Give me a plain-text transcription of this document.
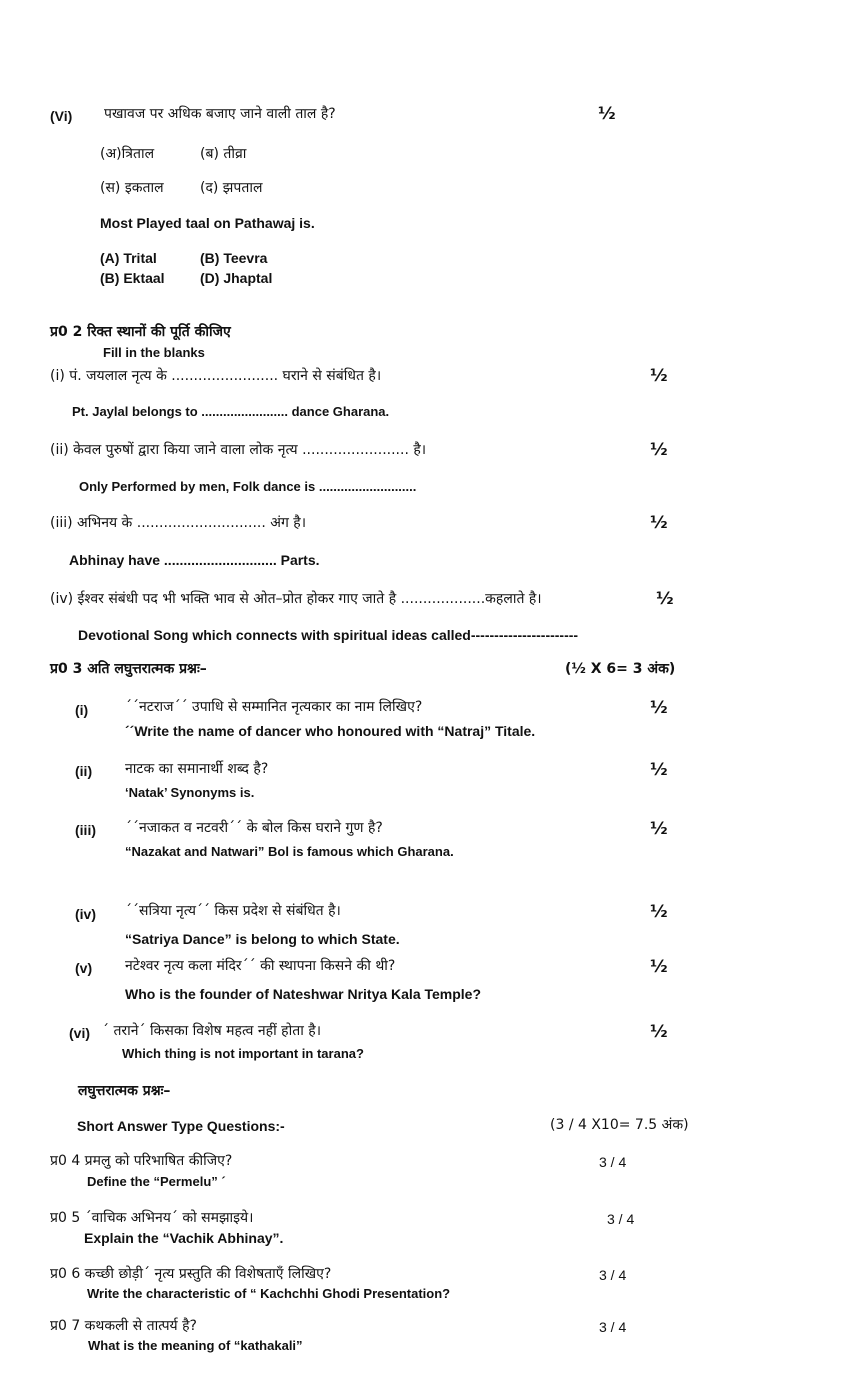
(Vi) पखावज पर अधिक बजाए जाने वाली ताल है?	½
(अ)त्रिताल	(ब) तीव्रा
(स) इकताल	(द) झपताल
Most Played taal on Pathawaj is.
(A) Trital	(B) Teevra
(B) Ektaal	(D) Jhaptal
प्र0 2 रिक्त स्थानों की पूर्ति कीजिए
Fill in the blanks
(i) पं. जयलाल नृत्य के ........................ घराने से संबंधित है।	½
Pt. Jaylal belongs to ........................ dance Gharana.
(ii) केवल पुरुषों द्वारा किया जाने वाला लोक नृत्य ........................ है।	½
Only Performed by men, Folk dance is ...........................
(iii) अभिनय के ............................. अंग है।	½
Abhinay have ............................. Parts.
(iv) ईश्वर संबंधी पद भी भक्ति भाव से ओत–प्रोत होकर गाए जाते है ...................कहलाते है।	½
Devotional Song which connects with spiritual ideas called-----------------------
प्र0 3 अति लघुत्तरात्मक प्रश्नः–	(½ X 6= 3 अंक)
(i)	´´नटराज´´ उपाधि से सम्मानित नृत्यकार का नाम लिखिए?	½
´´Write the name of dancer who honoured with “Natraj” Titale.
(ii) नाटक का समानार्थी शब्द है?	½
‘Natak’ Synonyms is.
(iii) ´´नजाकत व नटवरी´´ के बोल किस घराने गुण है?	½
“Nazakat and Natwari” Bol is famous which Gharana.
(iv) ´´सत्रिया नृत्य´´ किस प्रदेश से संबंधित है।	½
“Satriya Dance” is belong to which State.
(v) नटेश्वर नृत्य कला मंदिर´´ की स्थापना किसने की थी?	½
Who is the founder of Nateshwar Nritya Kala Temple?
(vi) ´ तराने´ किसका विशेष महत्व नहीं होता है।	½
Which thing is not important in tarana?
लघुत्तरात्मक प्रश्नः–
Short Answer Type Questions:-	(3 / 4 X10= 7.5 अंक)
प्र0 4 प्रमलु को परिभाषित कीजिए?	3 / 4
Define the “Permelu” ´
प्र0 5 ´वाचिक अभिनय´ को समझाइये।	3 / 4
Explain the “Vachik Abhinay”.
प्र0 6 कच्छी छोड़ी´ नृत्य प्रस्तुति की विशेषताएँ लिखिए?	3 / 4
Write the characteristic of “ Kachchhi Ghodi Presentation?
प्र0 7 कथकली से तात्पर्य है?	3 / 4
What is the meaning of “kathakali”
